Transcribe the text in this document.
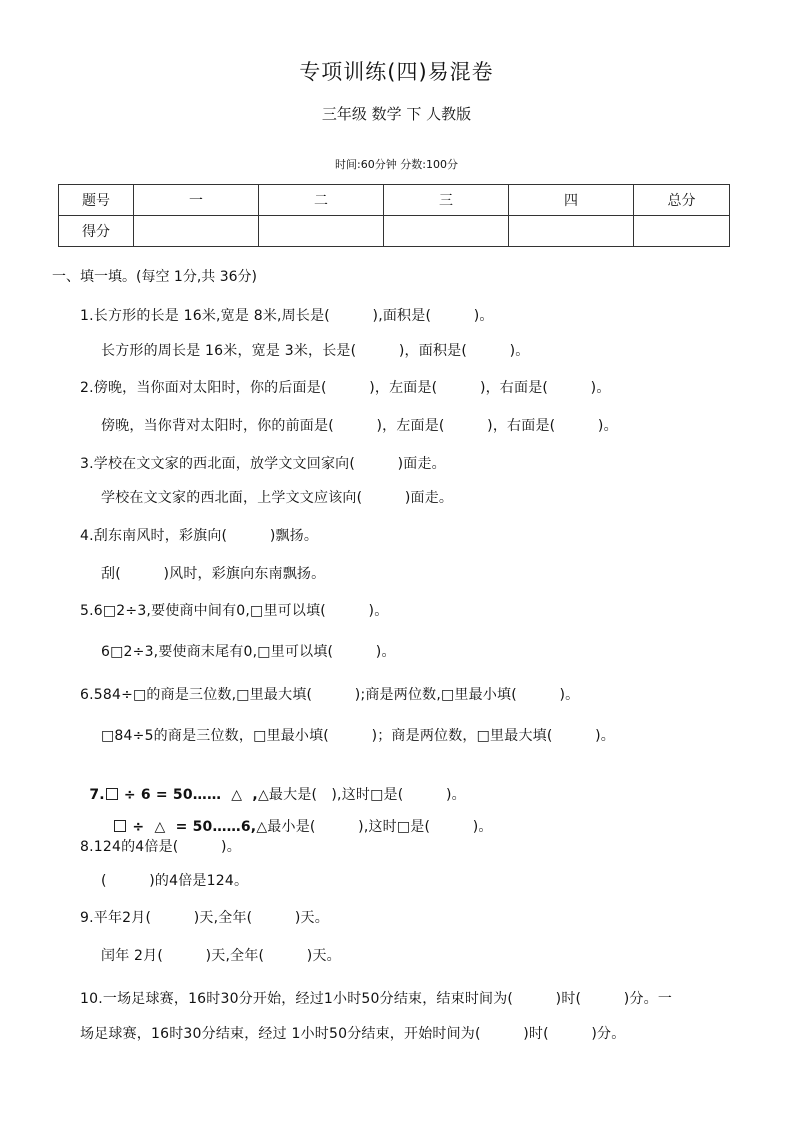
专项训练(四)易混卷
三年级 数学 下 人教版
时间:60分钟 分数:100分
题号	一	二	三	四	总分
得分					
一、填一填。(每空 1分,共 36分)
1.长方形的长是 16米,宽是 8米,周长是(　　　),面积是(　　　)。
长方形的周长是 16米，宽是 3米，长是(　　　)，面积是(　　　)。
2.傍晚，当你面对太阳时，你的后面是(　　　)，左面是(　　　)，右面是(　　　)。
傍晚，当你背对太阳时，你的前面是(　　　)，左面是(　　　)，右面是(　　　)。
3.学校在文文家的西北面，放学文文回家向(　　　)面走。
学校在文文家的西北面，上学文文应该向(　　　)面走。
4.刮东南风时，彩旗向(　　　)飘扬。
刮(　　　)风时，彩旗向东南飘扬。
5.6□2÷3,要使商中间有0,□里可以填(　　　)。
6□2÷3,要使商末尾有0,□里可以填(　　　)。
6.584÷□的商是三位数,□里最大填(　　　);商是两位数,□里最小填(　　　)。
□84÷5的商是三位数，□里最小填(　　　)；商是两位数，□里最大填(　　　)。

7. ÷ 6 = 50……  △  ,△最大是(　),这时□是(　　　)。

÷  △  = 50……6,△最小是(　　　),这时□是(　　　)。

8.124的4倍是(　　　)。
(　　　)的4倍是124。
9.平年2月(　　　)天,全年(　　　)天。
闰年 2月(　　　)天,全年(　　　)天。
10.一场足球赛，16时30分开始，经过1小时50分结束，结束时间为(　　　)时(　　　)分。一
场足球赛，16时30分结束，经过 1小时50分结束，开始时间为(　　　)时(　　　)分。
